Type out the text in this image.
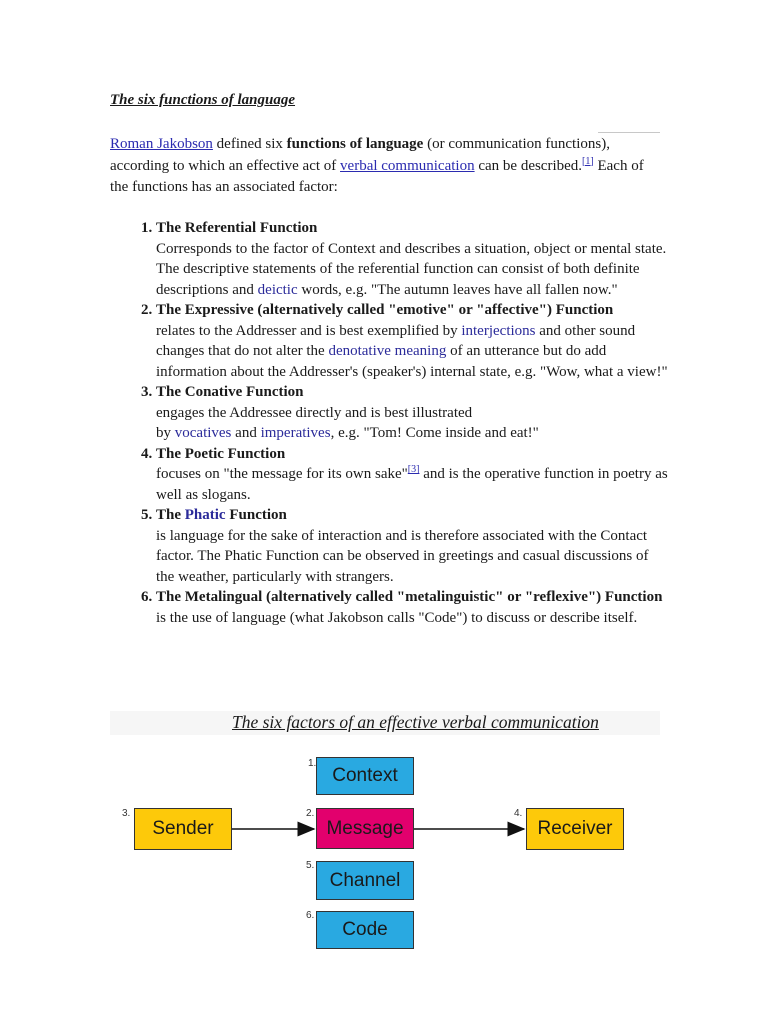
The six functions of language

Roman Jakobson defined six functions of language (or communication functions), according to which an effective act of verbal communication can be described.[1] Each of the functions has an associated factor:

1. The Referential Function
Corresponds to the factor of Context and describes a situation, object or mental state. The descriptive statements of the referential function can consist of both definite descriptions and deictic words, e.g. "The autumn leaves have all fallen now."
2. The Expressive (alternatively called "emotive" or "affective") Function
relates to the Addresser and is best exemplified by interjections and other sound changes that do not alter the denotative meaning of an utterance but do add information about the Addresser's (speaker's) internal state, e.g. "Wow, what a view!"
3. The Conative Function
engages the Addressee directly and is best illustrated
by vocatives and imperatives, e.g. "Tom! Come inside and eat!"
4. The Poetic Function
focuses on "the message for its own sake"[3] and is the operative function in poetry as well as slogans.
5. The Phatic Function
is language for the sake of interaction and is therefore associated with the Contact factor. The Phatic Function can be observed in greetings and casual discussions of the weather, particularly with strangers.
6. The Metalingual (alternatively called "metalinguistic" or "reflexive") Function
is the use of language (what Jakobson calls "Code") to discuss or describe itself.
The six factors of an effective verbal communication
1.
Context
3.
Sender
2.
Message
4.
Receiver
5.
Channel
6.
Code
